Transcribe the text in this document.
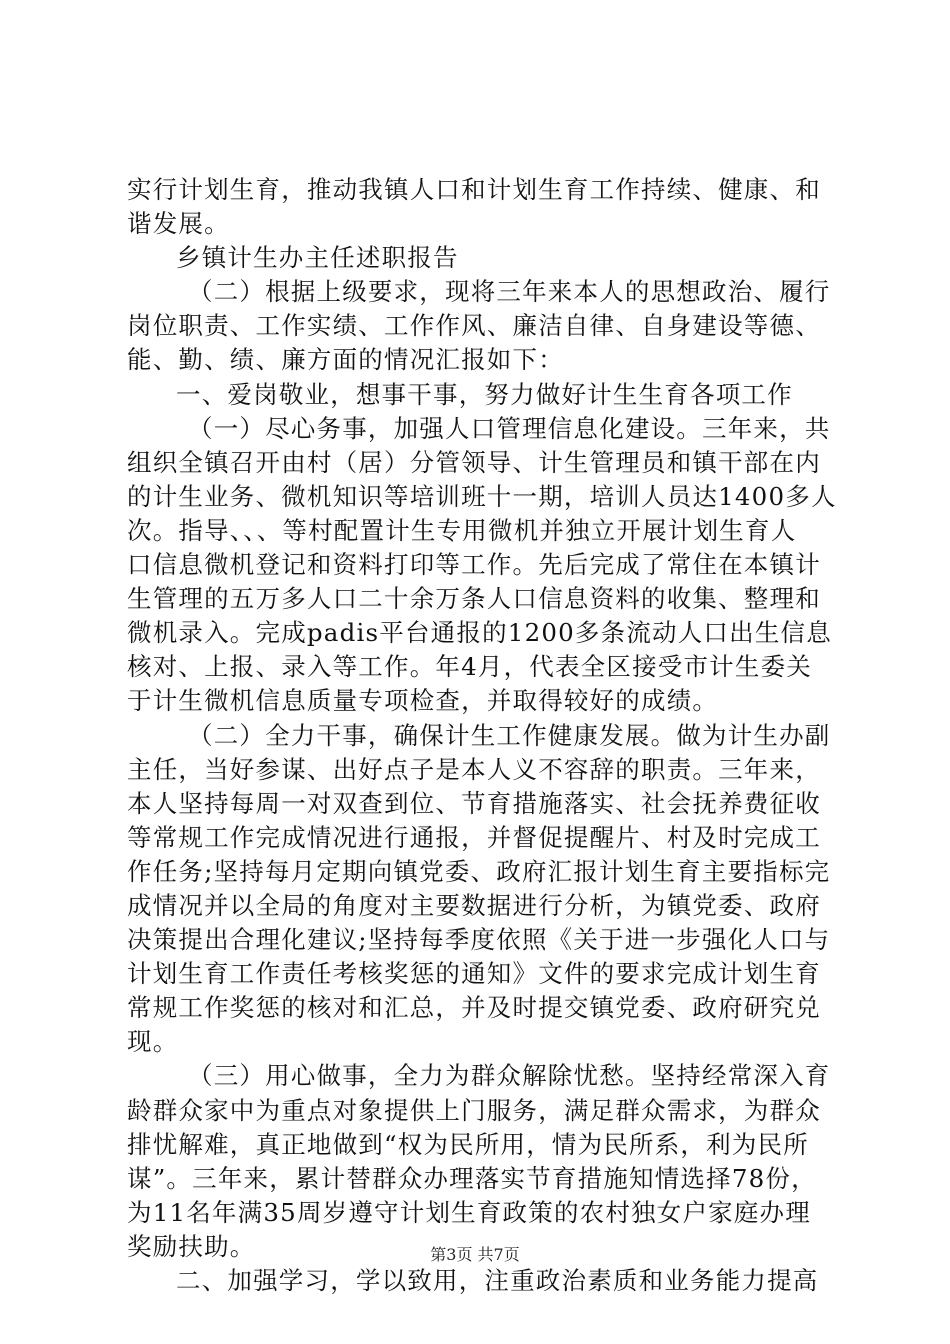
实行计划生育，推动我镇人口和计划生育工作持续、健康、和
谐发展。
乡镇计生办主任述职报告
（二）根据上级要求，现将三年来本人的思想政治、履行
岗位职责、工作实绩、工作作风、廉洁自律、自身建设等德、
能、勤、绩、廉方面的情况汇报如下：
一、爱岗敬业，想事干事，努力做好计生生育各项工作
（一）尽心务事，加强人口管理信息化建设。三年来，共
组织全镇召开由村（居）分管领导、计生管理员和镇干部在内
的计生业务、微机知识等培训班十一期，培训人员达1400多人
次。指导、、、等村配置计生专用微机并独立开展计划生育人
口信息微机登记和资料打印等工作。先后完成了常住在本镇计
生管理的五万多人口二十余万条人口信息资料的收集、整理和
微机录入。完成padis平台通报的1200多条流动人口出生信息
核对、上报、录入等工作。年4月，代表全区接受市计生委关
于计生微机信息质量专项检查，并取得较好的成绩。
（二）全力干事，确保计生工作健康发展。做为计生办副
主任，当好参谋、出好点子是本人义不容辞的职责。三年来，
本人坚持每周一对双查到位、节育措施落实、社会抚养费征收
等常规工作完成情况进行通报，并督促提醒片、村及时完成工
作任务;坚持每月定期向镇党委、政府汇报计划生育主要指标完
成情况并以全局的角度对主要数据进行分析，为镇党委、政府
决策提出合理化建议;坚持每季度依照《关于进一步强化人口与
计划生育工作责任考核奖惩的通知》文件的要求完成计划生育
常规工作奖惩的核对和汇总，并及时提交镇党委、政府研究兑
现。
（三）用心做事，全力为群众解除忧愁。坚持经常深入育
龄群众家中为重点对象提供上门服务，满足群众需求，为群众
排忧解难，真正地做到“权为民所用，情为民所系，利为民所
谋”。三年来，累计替群众办理落实节育措施知情选择78份，
为11名年满35周岁遵守计划生育政策的农村独女户家庭办理
奖励扶助。
二、加强学习，学以致用，注重政治素质和业务能力提高
第3页 共7页
